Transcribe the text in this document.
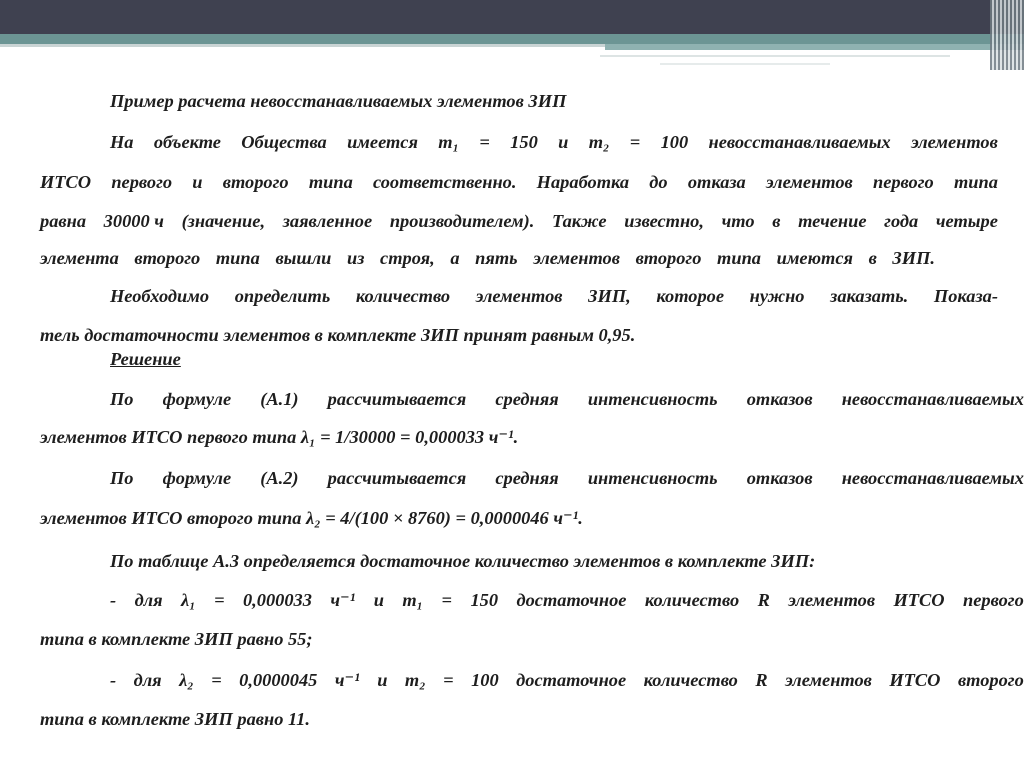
Пример расчета невосстанавливаемых элементов ЗИП
На объекте Общества имеется m₁ = 150 и m₂ = 100 невосстанавливаемых элементов
ИТСО первого и второго типа соответственно. Наработка до отказа элементов первого типа
равна 30000 ч (значение, заявленное производителем). Также известно, что в течение года четыре
элемента второго типа вышли из строя, а пять элементов второго типа имеются в ЗИП.
Необходимо определить количество элементов ЗИП, которое нужно заказать. Показа-
тель достаточности элементов в комплекте ЗИП принят равным 0,95.
Решение
По формуле (А.1) рассчитывается средняя интенсивность отказов невосстанавливаемых
элементов ИТСО первого типа λ₁ = 1/30000 = 0,000033 ч⁻¹.
По формуле (А.2) рассчитывается средняя интенсивность отказов невосстанавливаемых
элементов ИТСО второго типа λ₂ = 4/(100 × 8760) = 0,0000046 ч⁻¹.
По таблице А.3 определяется достаточное количество элементов в комплекте ЗИП:
- для λ₁ = 0,000033 ч⁻¹ и m₁ = 150 достаточное количество R элементов ИТСО первого
типа в комплекте ЗИП равно 55;
- для λ₂ = 0,0000045 ч⁻¹ и m₂ = 100 достаточное количество R элементов ИТСО второго
типа в комплекте ЗИП равно 11.
